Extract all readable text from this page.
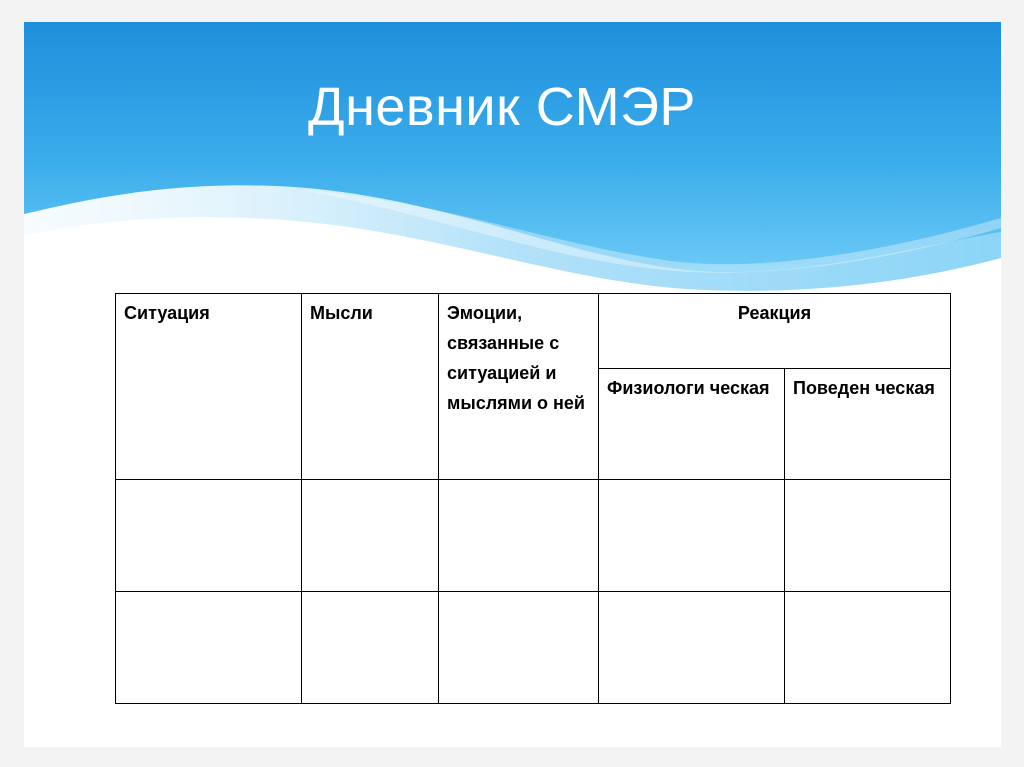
Дневник СМЭР
Ситуация	Мысли	Эмоции, связанные с ситуацией и мыслями о ней	Реакция	

			Физиологи ческая	Поведен ческая
